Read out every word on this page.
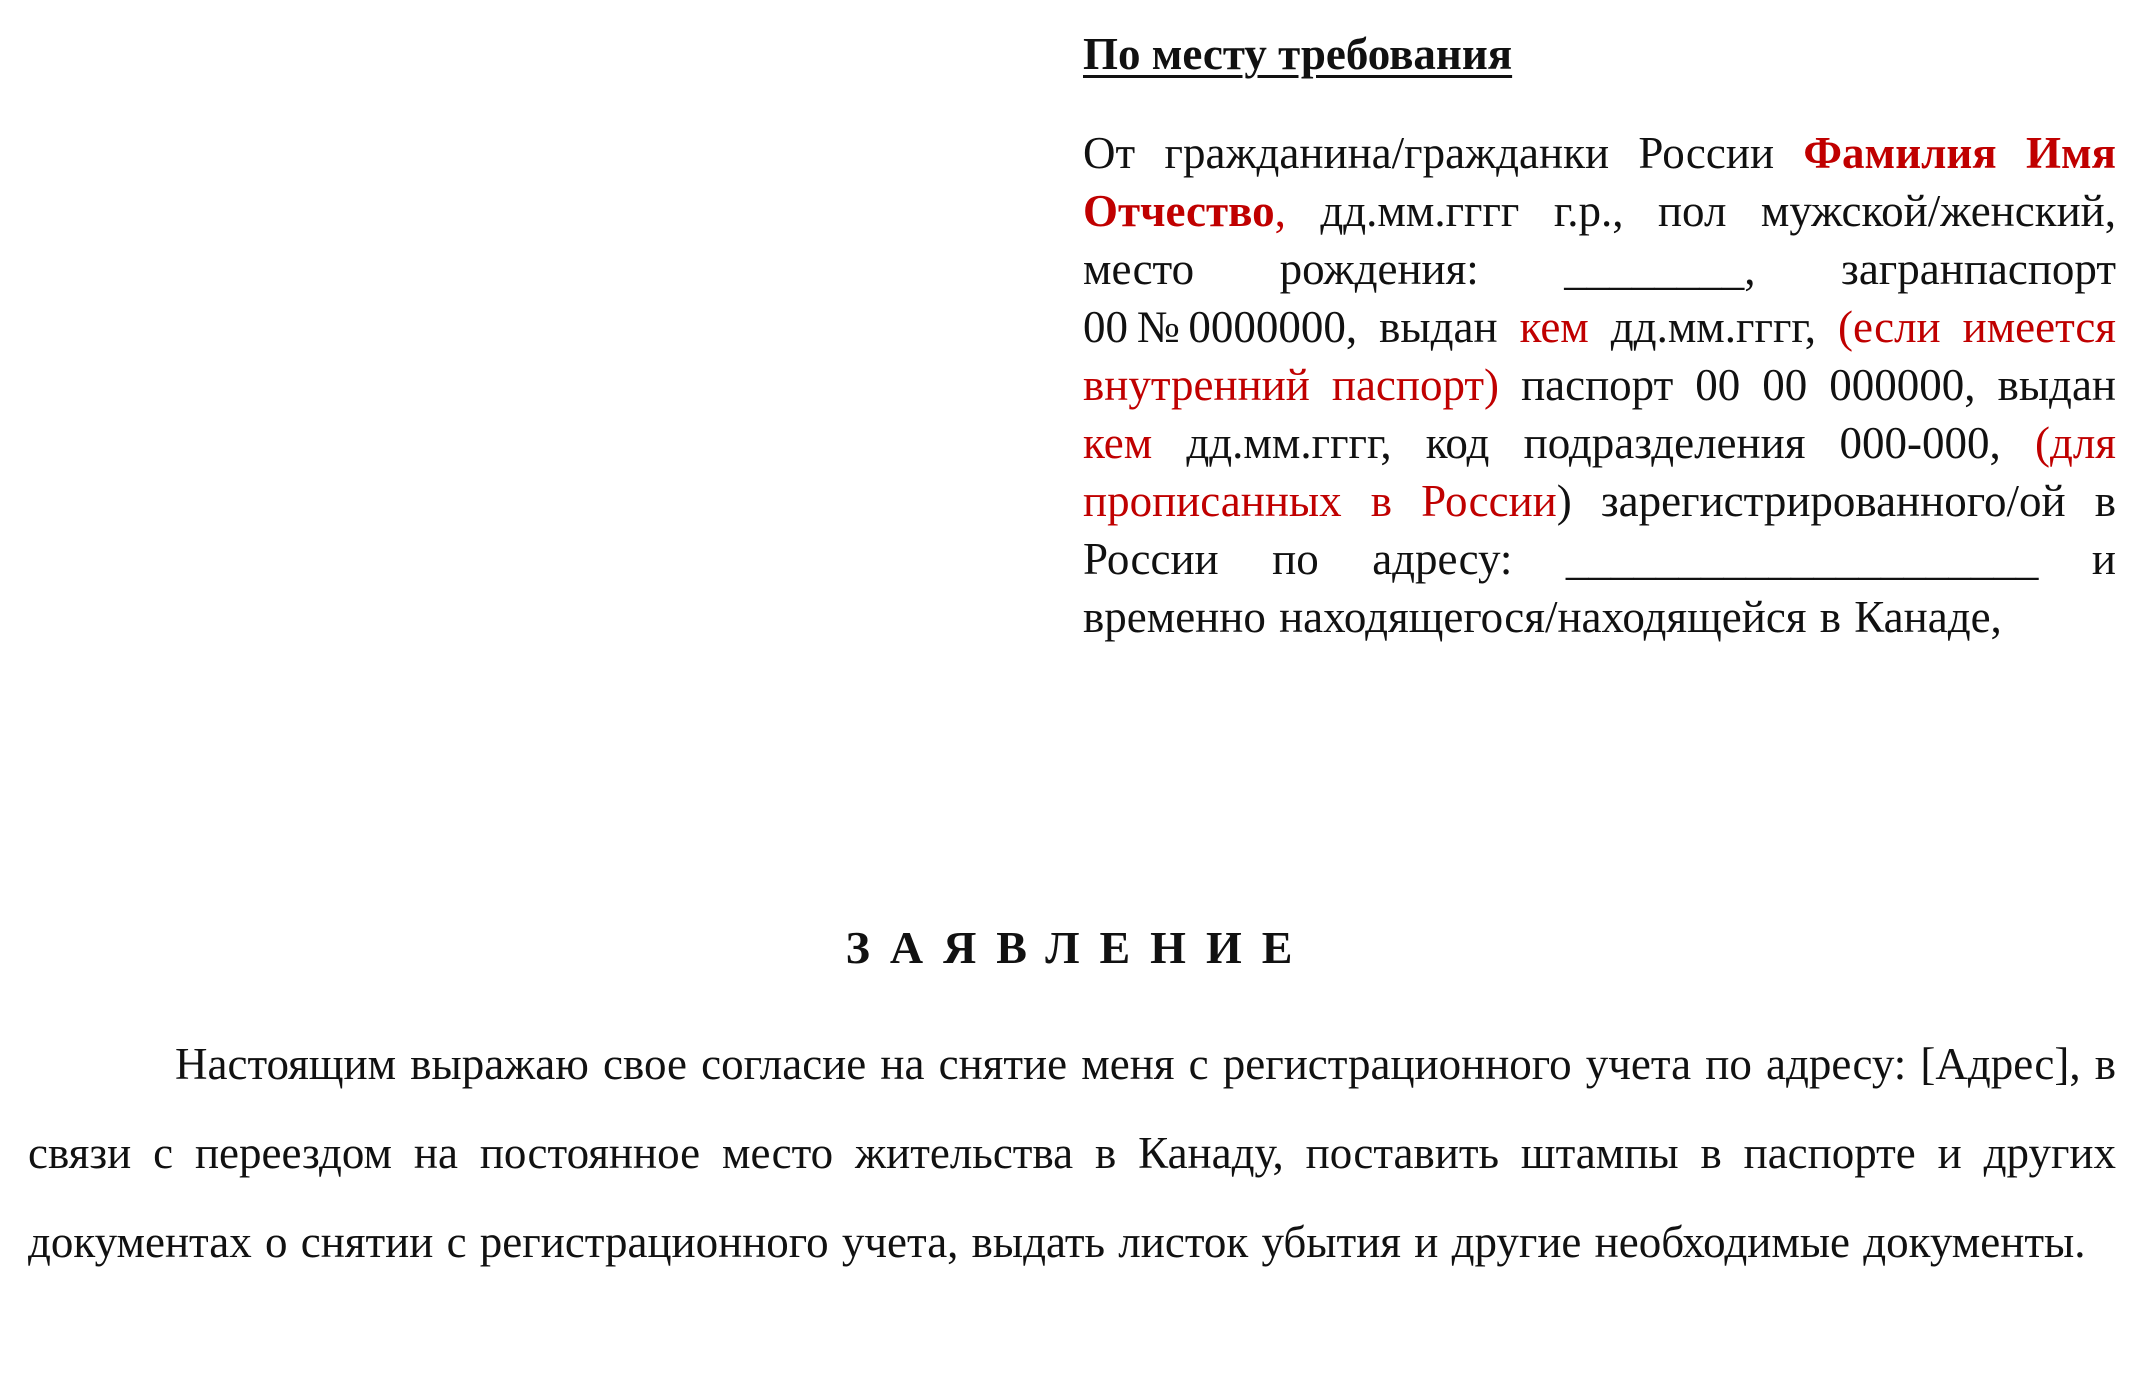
По месту требования

От гражданина/гражданки России Фамилия Имя Отчество, дд.мм.гггг г.р., пол мужской/женский, место рождения: ________, загранпаспорт 00№0000000, выдан кем дд.мм.гггг, (если имеется внутренний паспорт) паспорт 00 00 000000, выдан кем дд.мм.гггг, код подразделения 000-000, (для прописанных в России) зарегистрированного/ой в России по адресу: _____________________ и временно находящегося/находящейся в Канаде,

ЗАЯВЛЕНИЕ

Настоящим выражаю свое согласие на снятие меня с регистрационного учета по адресу: [Адрес], в связи с переездом на постоянное место жительства в Канаду, поставить штампы в паспорте и других документах о снятии с регистрационного учета, выдать листок убытия и другие необходимые документы.
